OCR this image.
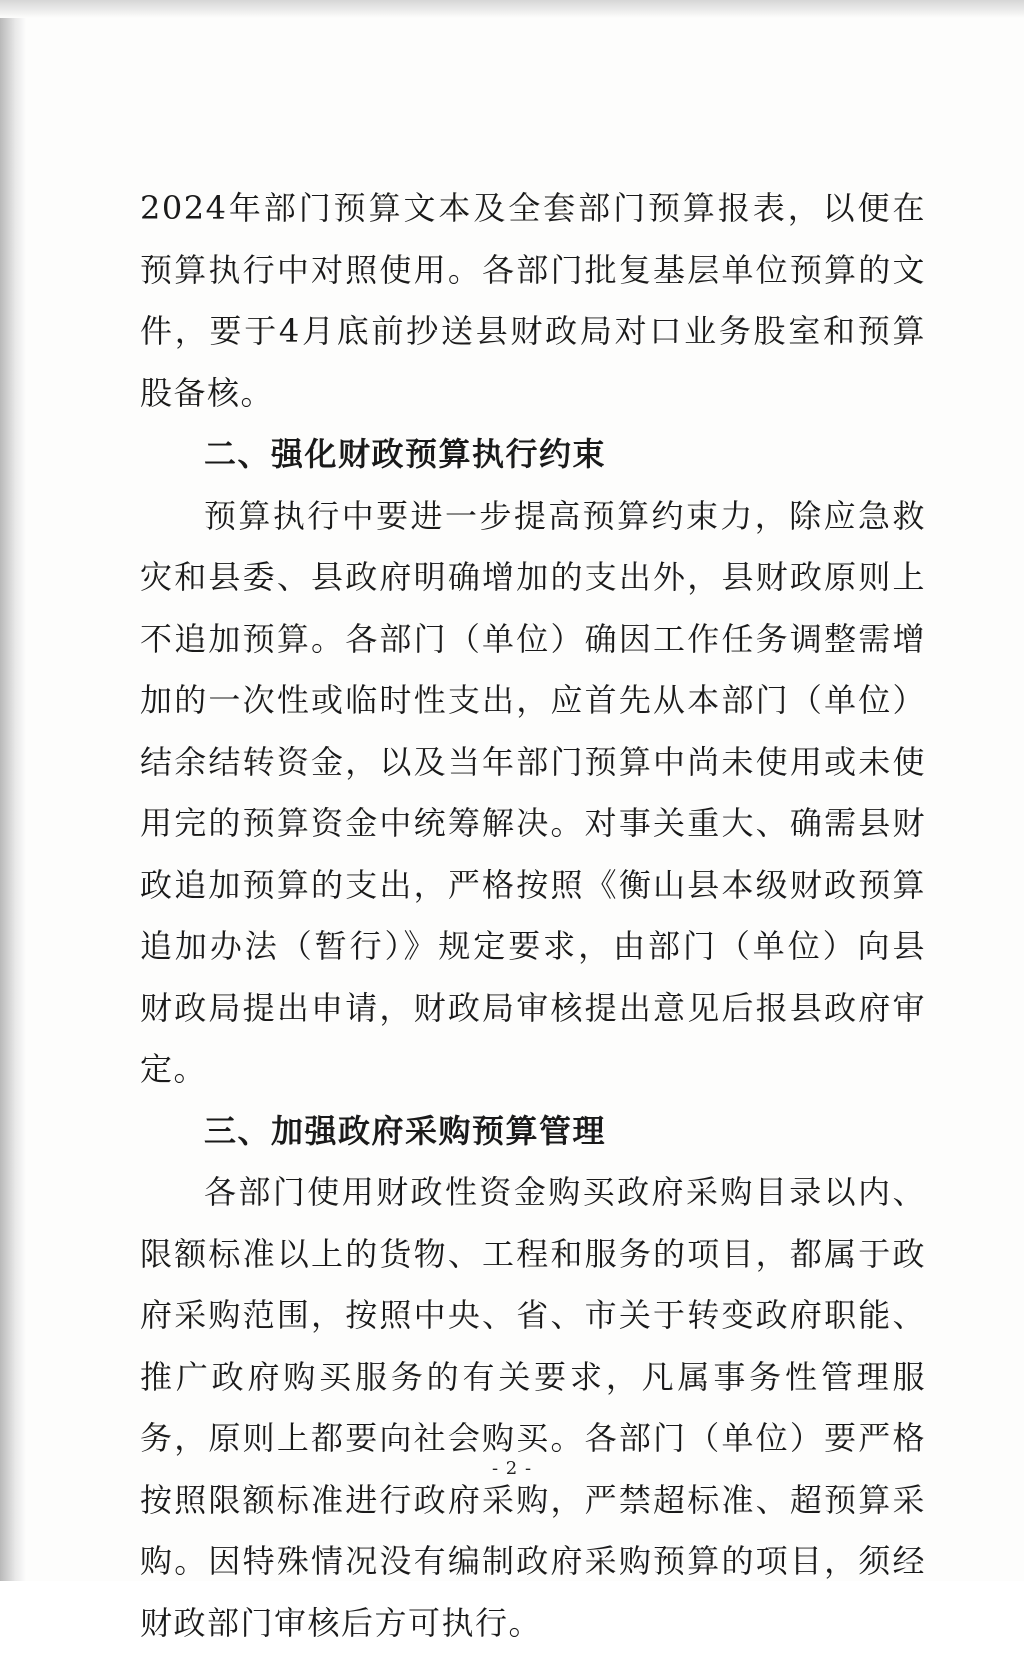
2024年部门预算文本及全套部门预算报表，以便在预算执行中对照使用。各部门批复基层单位预算的文件，要于4月底前抄送县财政局对口业务股室和预算股备核。

二、强化财政预算执行约束

预算执行中要进一步提高预算约束力，除应急救灾和县委、县政府明确增加的支出外，县财政原则上不追加预算。各部门（单位）确因工作任务调整需增加的一次性或临时性支出，应首先从本部门（单位）结余结转资金，以及当年部门预算中尚未使用或未使用完的预算资金中统筹解决。对事关重大、确需县财政追加预算的支出，严格按照《衡山县本级财政预算追加办法（暂行）》规定要求，由部门（单位）向县财政局提出申请，财政局审核提出意见后报县政府审定。

三、加强政府采购预算管理

各部门使用财政性资金购买政府采购目录以内、限额标准以上的货物、工程和服务的项目，都属于政府采购范围，按照中央、省、市关于转变政府职能、推广政府购买服务的有关要求，凡属事务性管理服务，原则上都要向社会购买。各部门（单位）要严格按照限额标准进行政府采购，严禁超标准、超预算采购。因特殊情况没有编制政府采购预算的项目，须经财政部门审核后方可执行。

- 2 -
